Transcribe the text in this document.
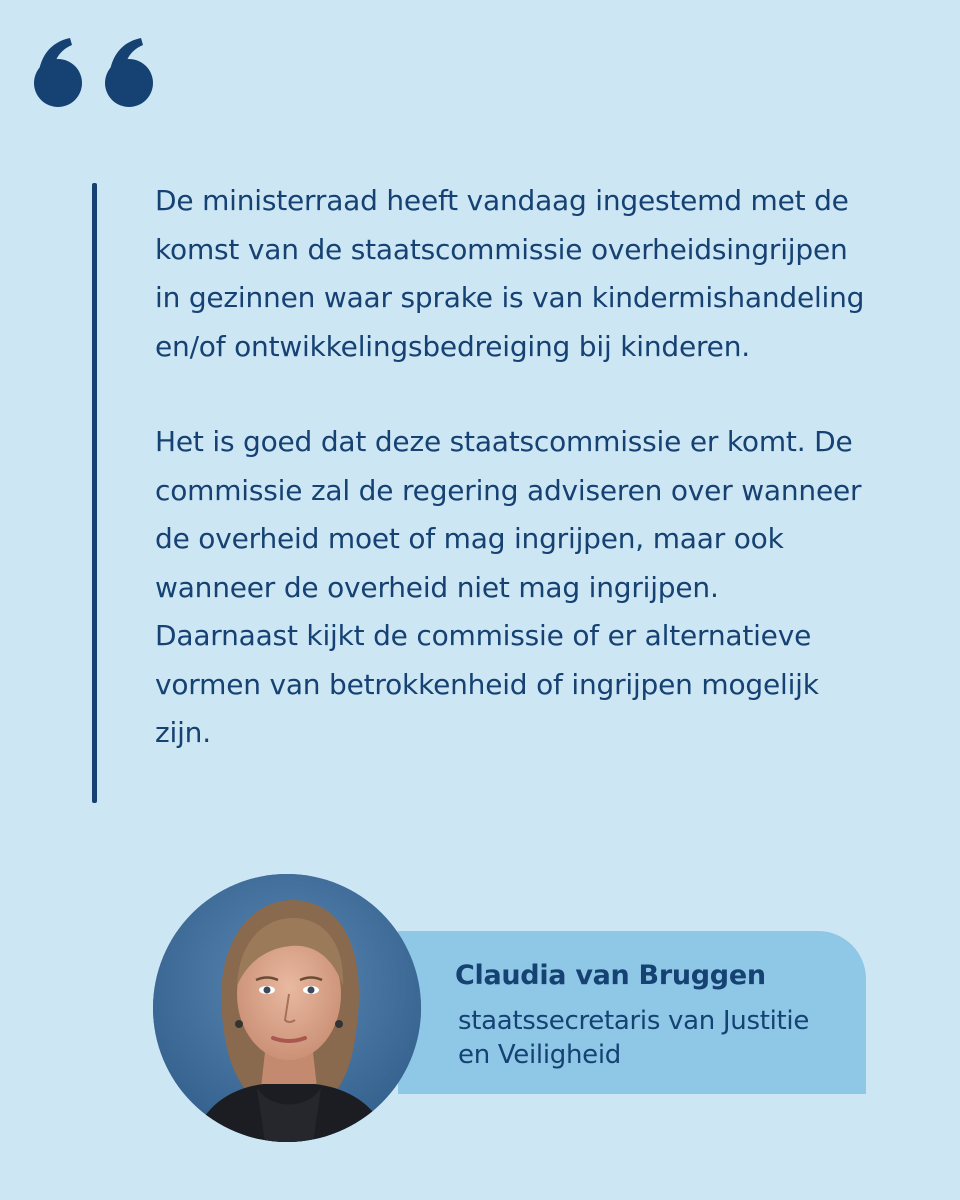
De ministerraad heeft vandaag ingestemd met de komst van de staatscommissie overheidsingrijpen in gezinnen waar sprake is van kindermishandeling en/of ontwikkelingsbedreiging bij kinderen.

Het is goed dat deze staatscommissie er komt. De commissie zal de regering adviseren over wanneer de overheid moet of mag ingrijpen, maar ook wanneer de overheid niet mag ingrijpen. Daarnaast kijkt de commissie of er alternatieve vormen van betrokkenheid of ingrijpen mogelijk zijn.

Claudia van Bruggen

staatssecretaris van Justitie en Veiligheid
